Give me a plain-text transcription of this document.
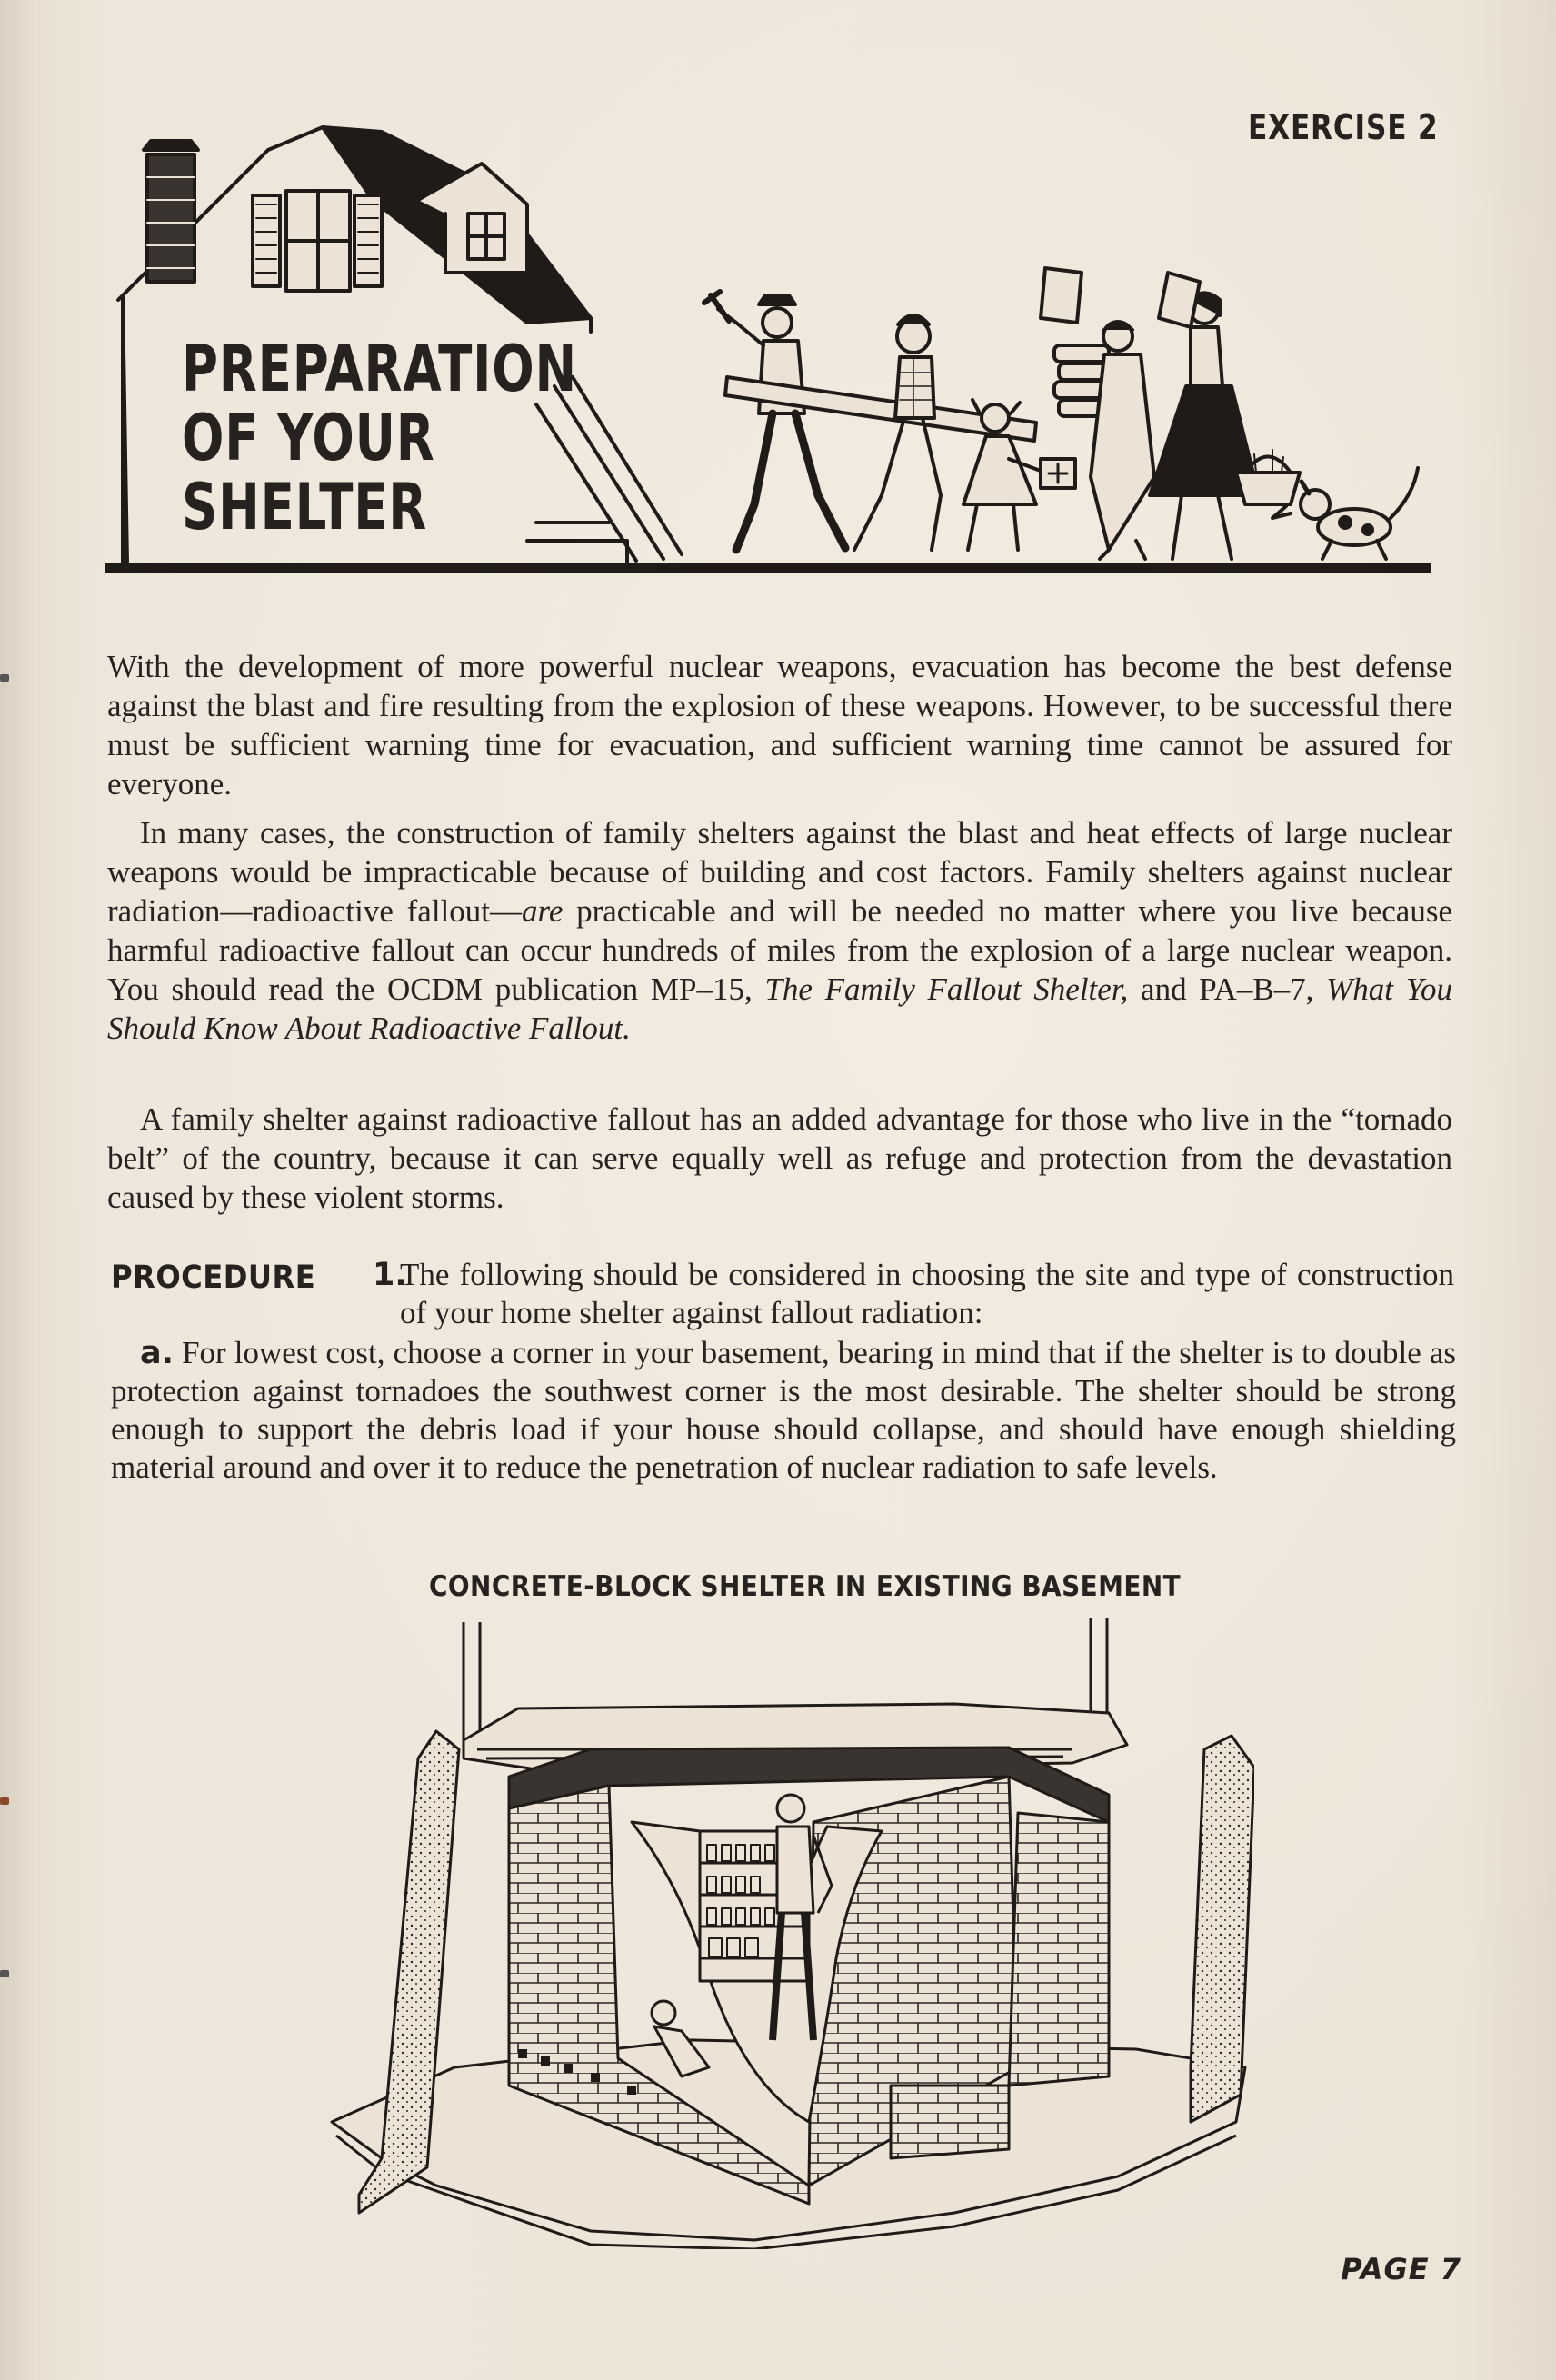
EXERCISE 2
PREPARATION
OF YOUR
SHELTER

With the development of more powerful nuclear weapons, evacuation has become the best defense against the blast and fire resulting from the explosion of these weapons. However, to be successful there must be sufficient warning time for evacuation, and sufficient warning time cannot be assured for everyone.

In many cases, the construction of family shelters against the blast and heat effects of large nuclear weapons would be impracticable because of building and cost factors. Family shelters against nuclear radiation—radioactive fallout—are practicable and will be needed no matter where you live because harmful radioactive fallout can occur hundreds of miles from the explosion of a large nuclear weapon. You should read the OCDM publication MP–15, The Family Fallout Shelter, and PA–B–7, What You Should Know About Radioactive Fallout.

A family shelter against radioactive fallout has an added advantage for those who live in the “tornado belt” of the country, because it can serve equally well as refuge and protection from the devastation caused by these violent storms.

PROCEDURE 1.
The following should be considered in choosing the site and type of construction of your home shelter against fallout radiation:
a. For lowest cost, choose a corner in your basement, bearing in mind that if the shelter is to double as protection against tornadoes the southwest corner is the most desirable. The shelter should be strong enough to support the debris load if your house should collapse, and should have enough shielding material around and over it to reduce the penetration of nuclear radiation to safe levels.
CONCRETE-BLOCK SHELTER IN EXISTING BASEMENT
PAGE 7
